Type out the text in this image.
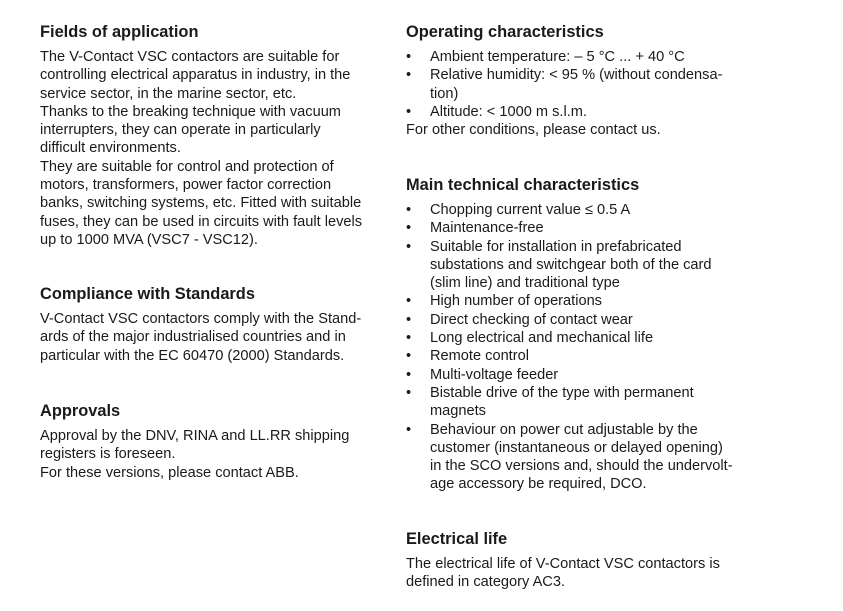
Fields of application

The V-Contact VSC contactors are suitable for
controlling electrical apparatus in industry, in the
service sector, in the marine sector, etc.
Thanks to the breaking technique with vacuum
interrupters, they can operate in particularly
difficult environments.
They are suitable for control and protection of
motors, transformers, power factor correction
banks, switching systems, etc. Fitted with suitable
fuses, they can be used in circuits with fault levels
up to 1000 MVA (VSC7 - VSC12).

Compliance with Standards

V-Contact VSC contactors comply with the Stand-
ards of the major industrialised countries and in
particular with the EC 60470 (2000) Standards.

Approvals

Approval by the DNV, RINA and LL.RR shipping
registers is foreseen.
For these versions, please contact ABB.

Operating characteristics
•	Ambient temperature: – 5 °C ... + 40 °C
•	Relative humidity: < 95 % (without condensa-
tion)
•	Altitude: < 1000 m s.l.m.

For other conditions, please contact us.

Main technical characteristics
•	Chopping current value ≤ 0.5 A
•	Maintenance-free
•	Suitable for installation in prefabricated
substations and switchgear both of the card
(slim line) and traditional type
•	High number of operations
•	Direct checking of contact wear
•	Long electrical and mechanical life
•	Remote control
•	Multi-voltage feeder
•	Bistable drive of the type with permanent
magnets
•	Behaviour on power cut adjustable by the
customer (instantaneous or delayed opening)
in the SCO versions and, should the undervolt-
age accessory be required, DCO.
Electrical life

The electrical life of V-Contact VSC contactors is
defined in category AC3.
